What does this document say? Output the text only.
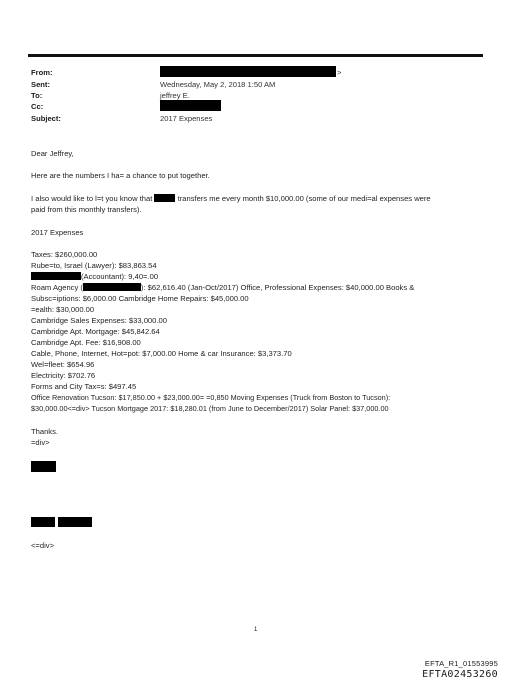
From:
Sent:
To:
Cc:
Subject:
>
Wednesday, May 2, 2018 1:50 AM
jeffrey E.
2017 Expenses
Dear Jeffrey,
Here are the numbers I ha= a chance to put together.
I also would like to l=t you know that	transfers me every month $10,000.00 (some of our medi=al expenses were
paid from this monthly transfers).
2017 Expenses
Taxes: $260,000.00
Rube=to, Israel (Lawyer): $83,863.54
(Accountant): 9,40=.00
Roam Agency (	): $62,616.40 (Jan-Oct/2017) Office, Professional Expenses: $40,000.00 Books &
Subsc=iptions: $6,000.00 Cambridge Home Repairs: $45,000.00
=ealth: $30,000.00
Cambridge Sales Expenses: $33,000.00
Cambridge Apt. Mortgage: $45,842.64
Cambridge Apt. Fee: $16,908.00
Cable, Phone, Internet, Hot=pot: $7,000.00 Home & car Insurance: $3,373.70
Wel=fleet: $654.96
Electricity: $702.76
Forms and City Tax=s: $497.45
Office Renovation Tucson: $17,850.00 + $23,000.00= =0,850 Moving Expenses (Truck from Boston to Tucson):
$30,000.00<=div> Tucson Mortgage 2017: $18,280.01 (from June to December/2017) Solar Panel: $37,000.00
Thanks.
=div>
<=div>
1
EFTA_R1_01553995
EFTA02453260
